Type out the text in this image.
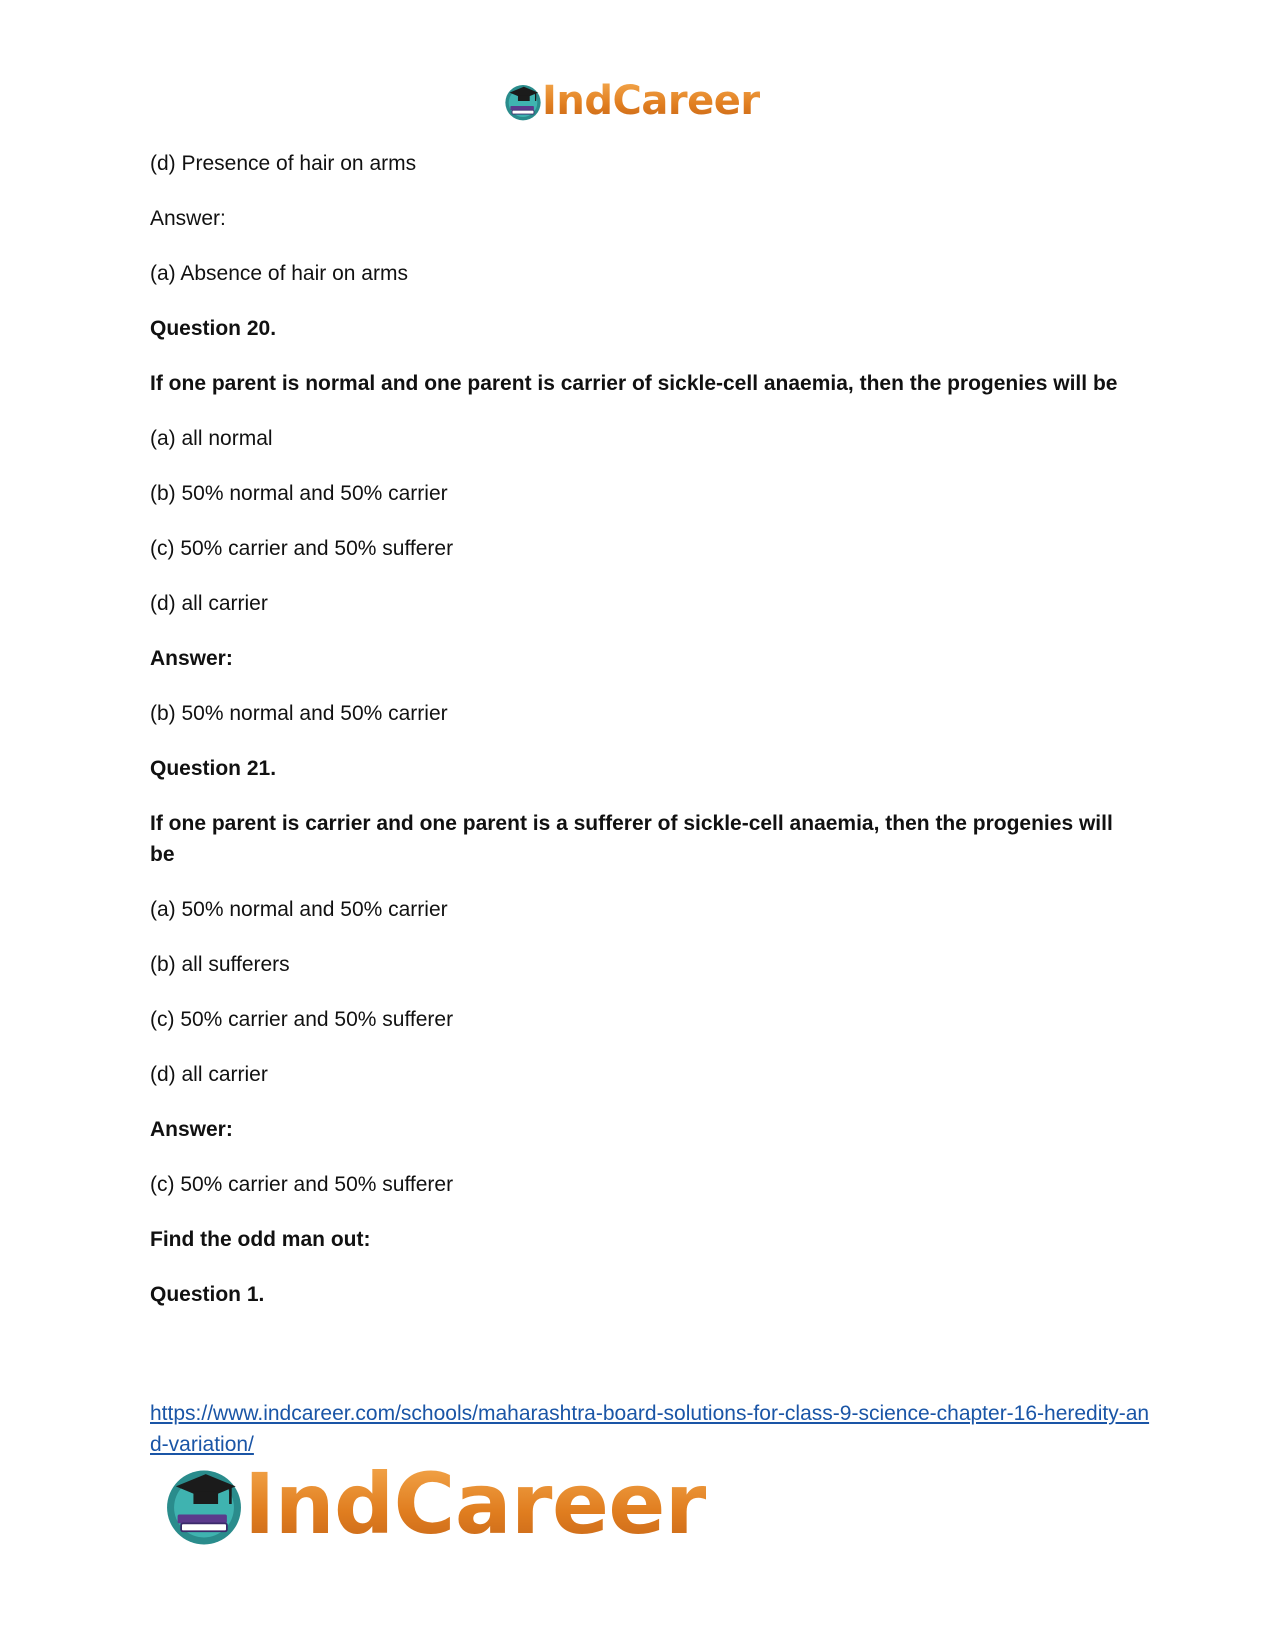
IndCareer

(d) Presence of hair on arms

Answer:

(a) Absence of hair on arms

Question 20.

If one parent is normal and one parent is carrier of sickle-cell anaemia, then the progenies will be

(a) all normal

(b) 50% normal and 50% carrier

(c) 50% carrier and 50% sufferer

(d) all carrier

Answer:

(b) 50% normal and 50% carrier

Question 21.

If one parent is carrier and one parent is a sufferer of sickle-cell anaemia, then the progenies will be

(a) 50% normal and 50% carrier

(b) all sufferers

(c) 50% carrier and 50% sufferer

(d) all carrier

Answer:

(c) 50% carrier and 50% sufferer

Find the odd man out:

Question 1.

https://www.indcareer.com/schools/maharashtra-board-solutions-for-class-9-science-chapter-16-heredity-and-variation/
IndCareer
